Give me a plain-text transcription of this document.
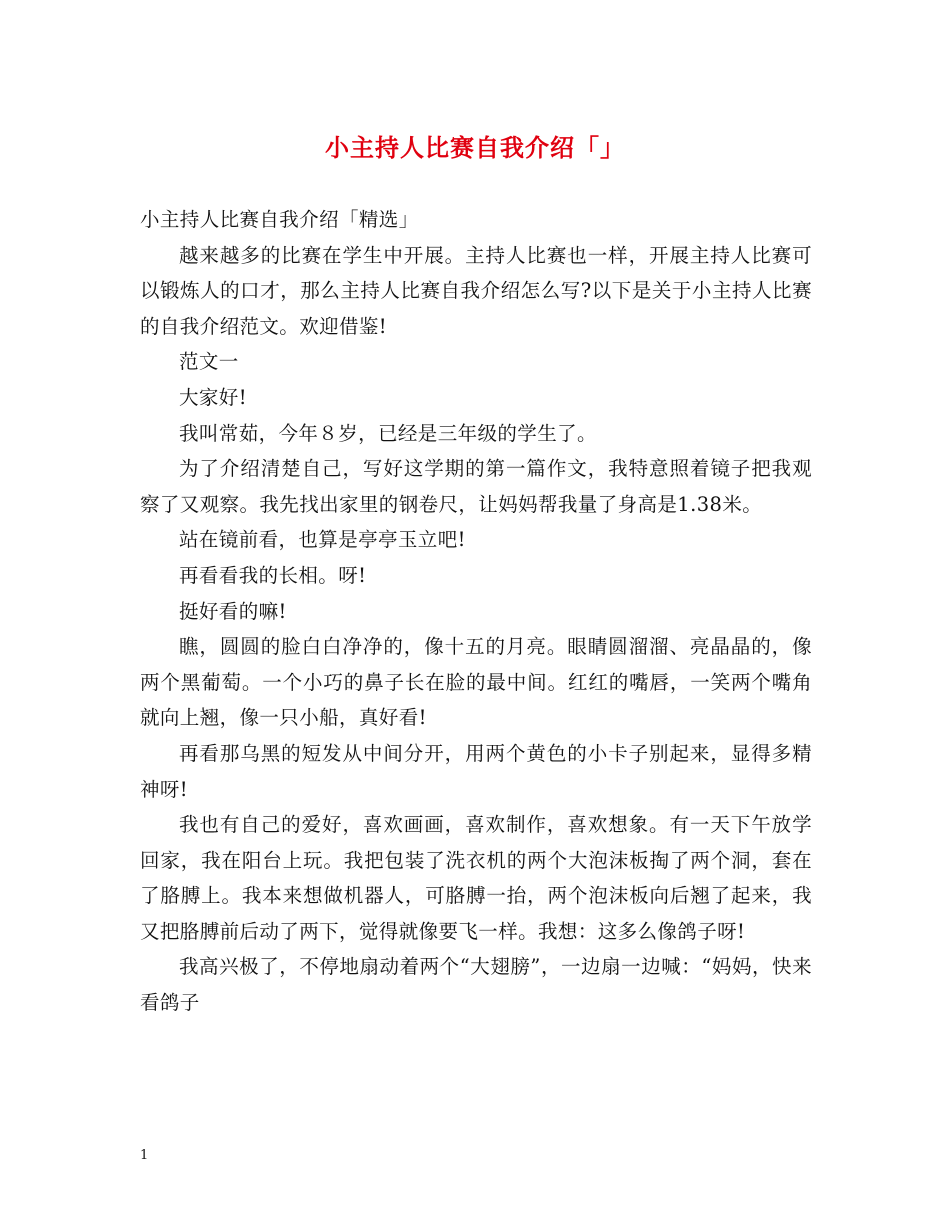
小主持人比赛自我介绍「」

小主持人比赛自我介绍「精选」

越来越多的比赛在学生中开展。主持人比赛也一样，开展主持人比赛可以锻炼人的口才，那么主持人比赛自我介绍怎么写?以下是关于小主持人比赛的自我介绍范文。欢迎借鉴!

范文一

大家好!

我叫常茹，今年８岁，已经是三年级的学生了。

为了介绍清楚自己，写好这学期的第一篇作文，我特意照着镜子把我观察了又观察。我先找出家里的钢卷尺，让妈妈帮我量了身高是1.38米。

站在镜前看，也算是亭亭玉立吧!

再看看我的长相。呀!

挺好看的嘛!

瞧，圆圆的脸白白净净的，像十五的月亮。眼睛圆溜溜、亮晶晶的，像两个黑葡萄。一个小巧的鼻子长在脸的最中间。红红的嘴唇，一笑两个嘴角就向上翘，像一只小船，真好看!

再看那乌黑的短发从中间分开，用两个黄色的小卡子别起来，显得多精神呀!

我也有自己的爱好，喜欢画画，喜欢制作，喜欢想象。有一天下午放学回家，我在阳台上玩。我把包装了洗衣机的两个大泡沫板掏了两个洞，套在了胳膊上。我本来想做机器人，可胳膊一抬，两个泡沫板向后翘了起来，我又把胳膊前后动了两下，觉得就像要飞一样。我想：这多么像鸽子呀!

我高兴极了，不停地扇动着两个“大翅膀”，一边扇一边喊：“妈妈，快来看鸽子

1
